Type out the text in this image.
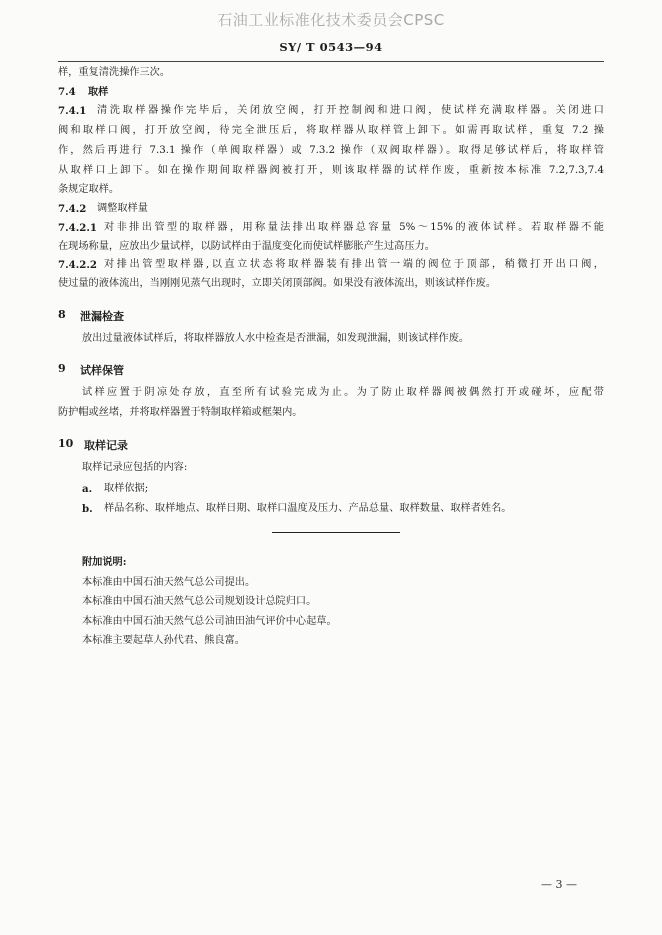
石油工业标准化技术委员会CPSC
SY/ T 0543—94
样，重复清洗操作三次。
7.4 取样
7.4.1 清洗取样器操作完毕后，关闭放空阀，打开控制阀和进口阀，使试样充满取样器。关闭进口
阀和取样口阀，打开放空阀，待完全泄压后，将取样器从取样管上卸下。如需再取试样，重复 7.2 操
作，然后再进行 7.3.1 操作（单阀取样器）或 7.3.2 操作（双阀取样器）。取得足够试样后，将取样管
从取样口上卸下。如在操作期间取样器阀被打开，则该取样器的试样作废，重新按本标准 7.2,7.3,7.4
条规定取样。
7.4.2 调整取样量
7.4.2.1 对非排出管型的取样器，用称量法排出取样器总容量 5%～15%的液体试样。若取样器不能
在现场称量，应放出少量试样，以防试样由于温度变化而使试样膨胀产生过高压力。
7.4.2.2 对排出管型取样器,以直立状态将取样器装有排出管一端的阀位于顶部，稍微打开出口阀，
使过量的液体流出，当刚刚见蒸气出现时，立即关闭顶部阀。如果没有液体流出，则该试样作废。
8 泄漏检查
放出过量液体试样后，将取样器放人水中检查是否泄漏，如发现泄漏，则该试样作废。
9 试样保管
试样应置于阴凉处存放，直至所有试验完成为止。为了防止取样器阀被偶然打开或碰坏，应配带
防护帽或丝堵，并将取样器置于特制取样箱或框架内。
10 取样记录
取样记录应包括的内容:
a. 取样依据;
b. 样品名称、取样地点、取样日期、取样口温度及压力、产品总量、取样数量、取样者姓名。
附加说明:
本标准由中国石油天然气总公司提出。
本标准由中国石油天然气总公司规划设计总院归口。
本标准由中国石油天然气总公司油田油气评价中心起草。
本标准主要起草人孙代君、熊良富。
— 3 —
